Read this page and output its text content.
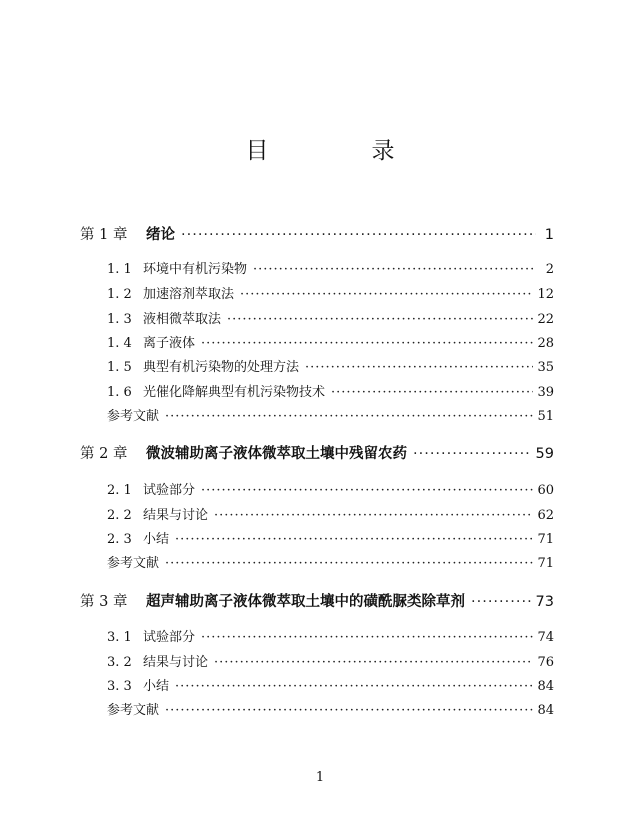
目　录
第 1 章	绪论 ·····	1
1. 1 环境中有机污染物 ·····	2
1. 2 加速溶剂萃取法 ·····	12
1. 3 液相微萃取法 ·····	22
1. 4 离子液体 ·····	28
1. 5 典型有机污染物的处理方法 ·····	35
1. 6 光催化降解典型有机污染物技术 ·····	39
参考文献 ·····	51
第 2 章	微波辅助离子液体微萃取土壤中残留农药 ·····	59
2. 1 试验部分 ·····	60
2. 2 结果与讨论 ·····	62
2. 3 小结 ·····	71
参考文献 ·····	71
第 3 章	超声辅助离子液体微萃取土壤中的磺酰脲类除草剂 ·····	73
3. 1 试验部分 ·····	74
3. 2 结果与讨论 ·····	76
3. 3 小结 ·····	84
参考文献 ·····	84
1
